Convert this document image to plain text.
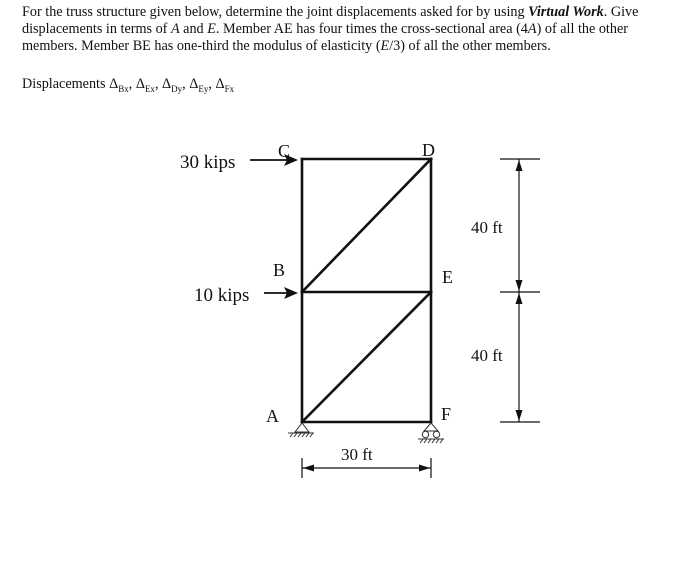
For the truss structure given below, determine the joint displacements asked for by using Virtual Work. Give displacements in terms of A and E. Member AE has four times the cross-sectional area (4A) of all the other members. Member BE has one-third the modulus of elasticity (E/3) of all the other members.

Displacements $\Delta_{Bx}$, $\Delta_{Ex}$, $\Delta_{Dy}$, $\Delta_{Ey}$, $\Delta_{Fx}$
30 kips
10 kips
C	D
B	E
A	F
40 ft
40 ft
30 ft
